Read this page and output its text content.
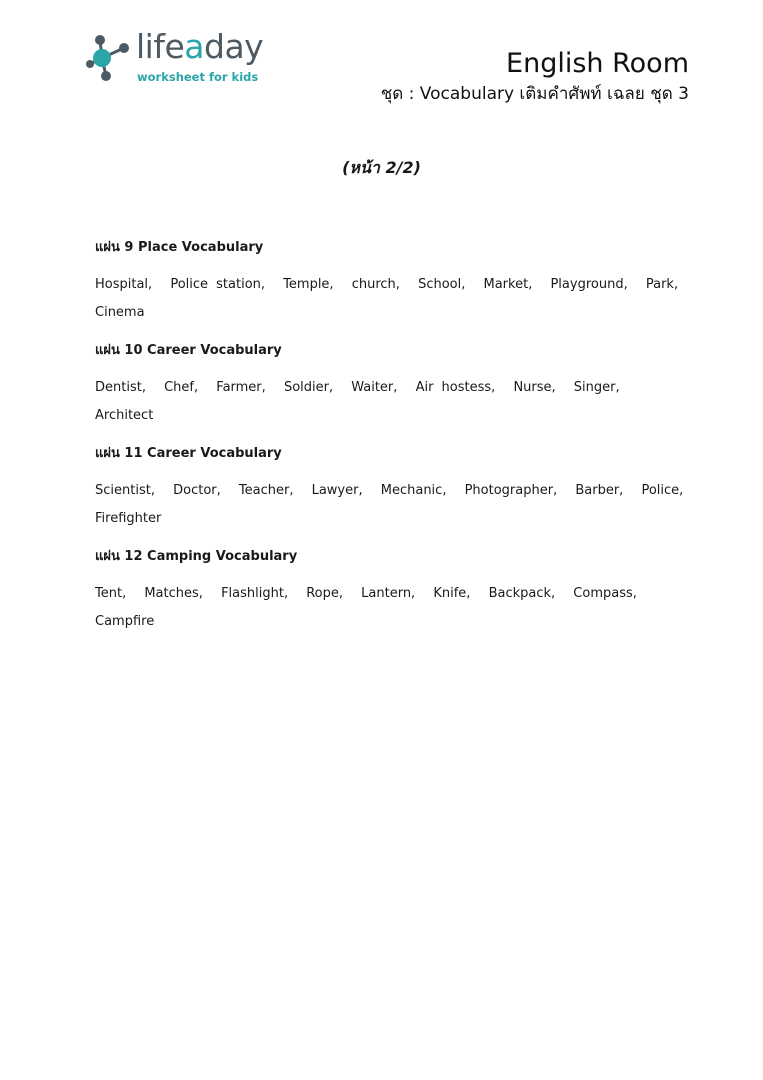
lifeaday
worksheet for kids	English Room
ชุด : Vocabulary เติมคำศัพท์ เฉลย ชุด 3
(หน้า 2/2)
แผ่น 9 Place Vocabulary
Hospital, Police station, Temple, church, School, Market, Playground, Park, Cinema
แผ่น 10 Career Vocabulary
Dentist, Chef, Farmer, Soldier, Waiter, Air hostess, Nurse, Singer, Architect
แผ่น 11 Career Vocabulary
Scientist, Doctor, Teacher, Lawyer, Mechanic, Photographer, Barber, Police, Firefighter
แผ่น 12 Camping Vocabulary
Tent, Matches, Flashlight, Rope, Lantern, Knife, Backpack, Compass, Campfire
